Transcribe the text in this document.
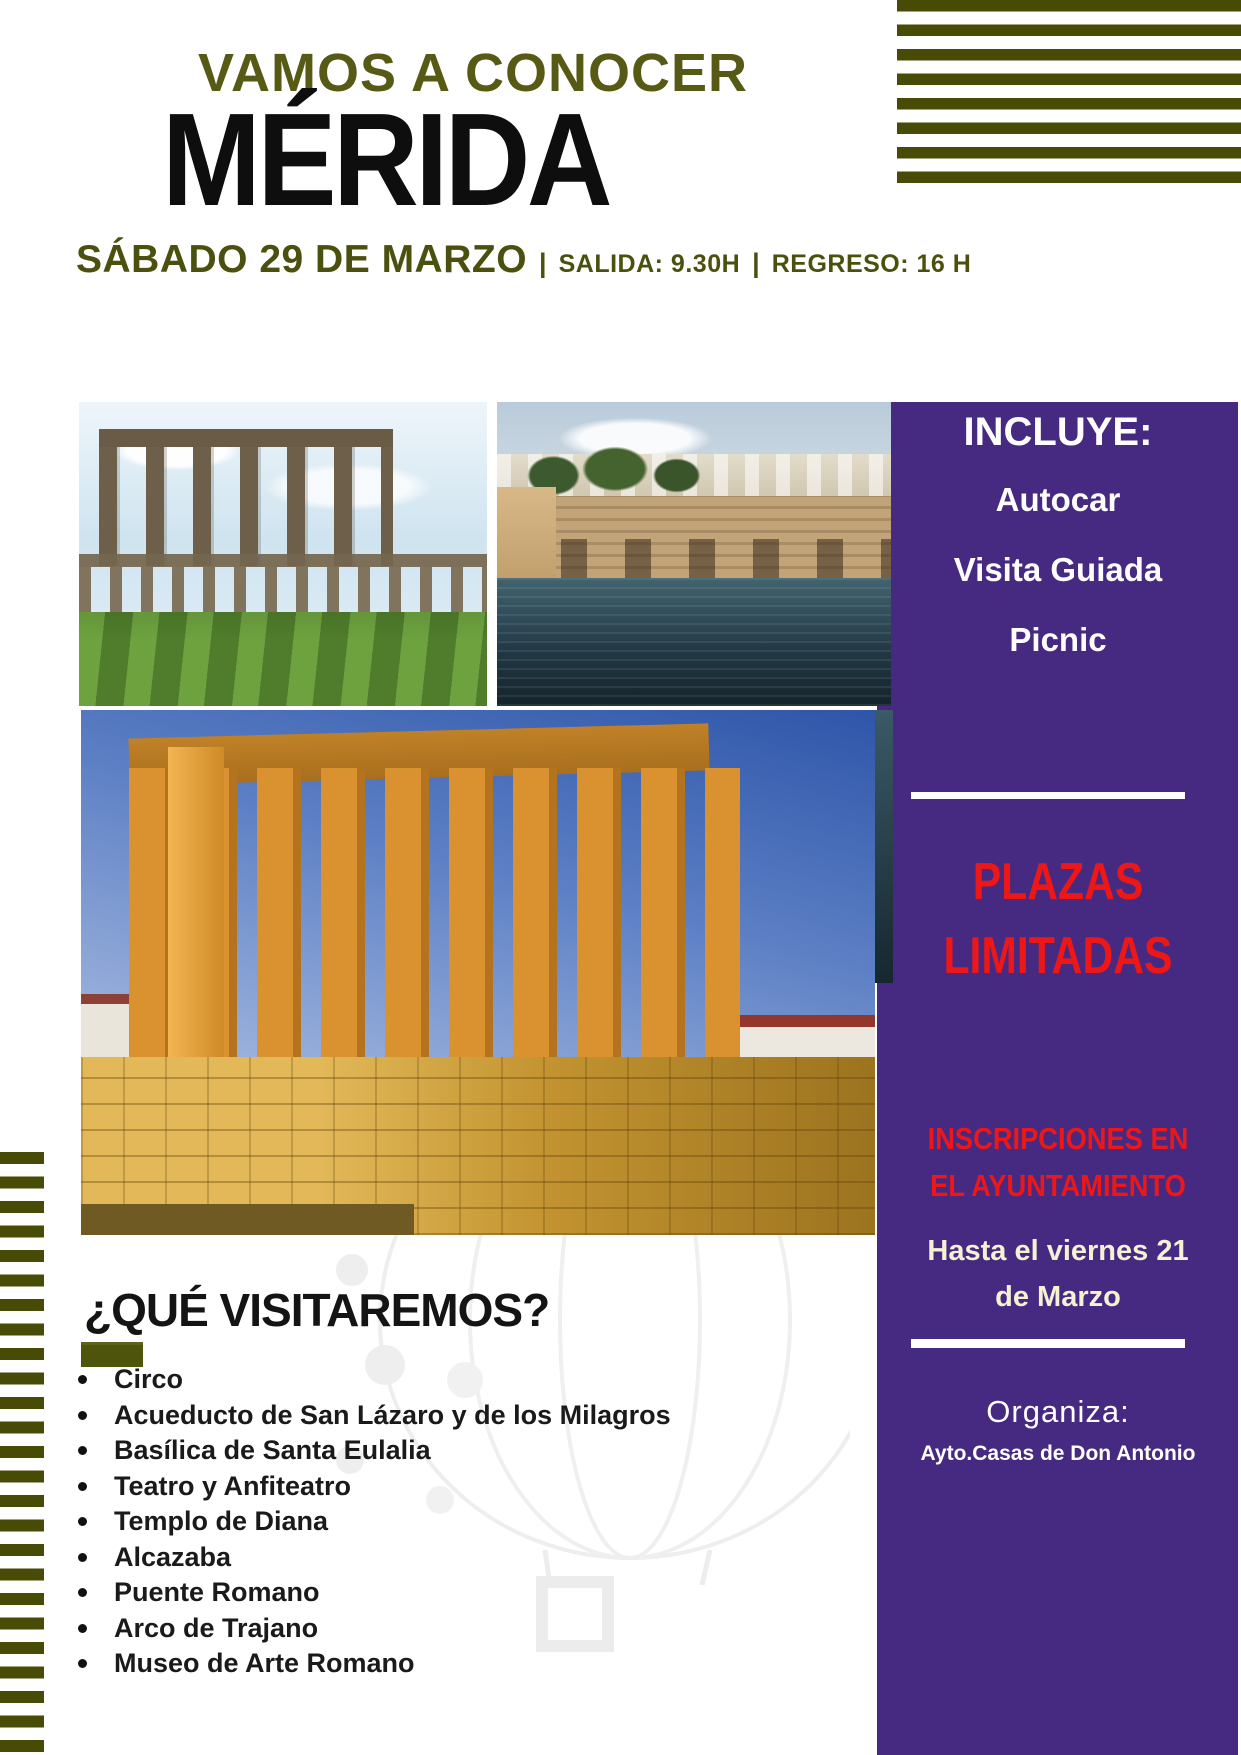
VAMOS A CONOCER
MÉRIDA
SÁBADO 29 DE MARZO | SALIDA: 9.30H | REGRESO: 16 H
INCLUYE:
Autocar
Visita Guiada
Picnic
PLAZAS
LIMITADAS
INSCRIPCIONES EN
EL AYUNTAMIENTO
Hasta el viernes 21
de Marzo
Organiza:
Ayto.Casas de Don Antonio
¿QUÉ VISITAREMOS?
Circo
Acueducto de San Lázaro y de los Milagros
Basílica de Santa Eulalia
Teatro y Anfiteatro
Templo de Diana
Alcazaba
Puente Romano
Arco de Trajano
Museo de Arte Romano
